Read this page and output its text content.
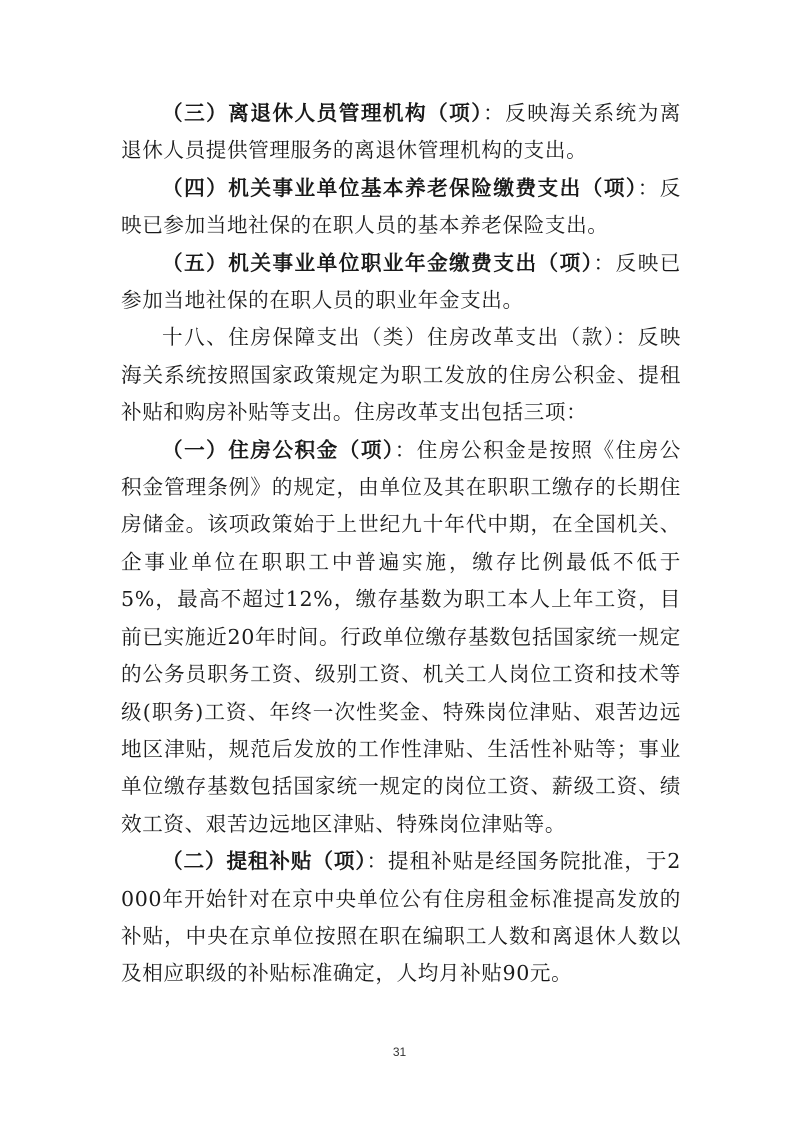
（三）离退休人员管理机构（项）：反映海关系统为离退休人员提供管理服务的离退休管理机构的支出。

（四）机关事业单位基本养老保险缴费支出（项）：反映已参加当地社保的在职人员的基本养老保险支出。

（五）机关事业单位职业年金缴费支出（项）：反映已参加当地社保的在职人员的职业年金支出。

十八、住房保障支出（类）住房改革支出（款）：反映海关系统按照国家政策规定为职工发放的住房公积金、提租补贴和购房补贴等支出。住房改革支出包括三项：

（一）住房公积金（项）：住房公积金是按照《住房公积金管理条例》的规定，由单位及其在职职工缴存的长期住房储金。该项政策始于上世纪九十年代中期，在全国机关、企事业单位在职职工中普遍实施，缴存比例最低不低于5%，最高不超过12%，缴存基数为职工本人上年工资，目前已实施近20年时间。行政单位缴存基数包括国家统一规定的公务员职务工资、级别工资、机关工人岗位工资和技术等级(职务)工资、年终一次性奖金、特殊岗位津贴、艰苦边远地区津贴，规范后发放的工作性津贴、生活性补贴等；事业单位缴存基数包括国家统一规定的岗位工资、薪级工资、绩效工资、艰苦边远地区津贴、特殊岗位津贴等。

（二）提租补贴（项）：提租补贴是经国务院批准，于2000年开始针对在京中央单位公有住房租金标准提高发放的补贴，中央在京单位按照在职在编职工人数和离退休人数以及相应职级的补贴标准确定，人均月补贴90元。

31
